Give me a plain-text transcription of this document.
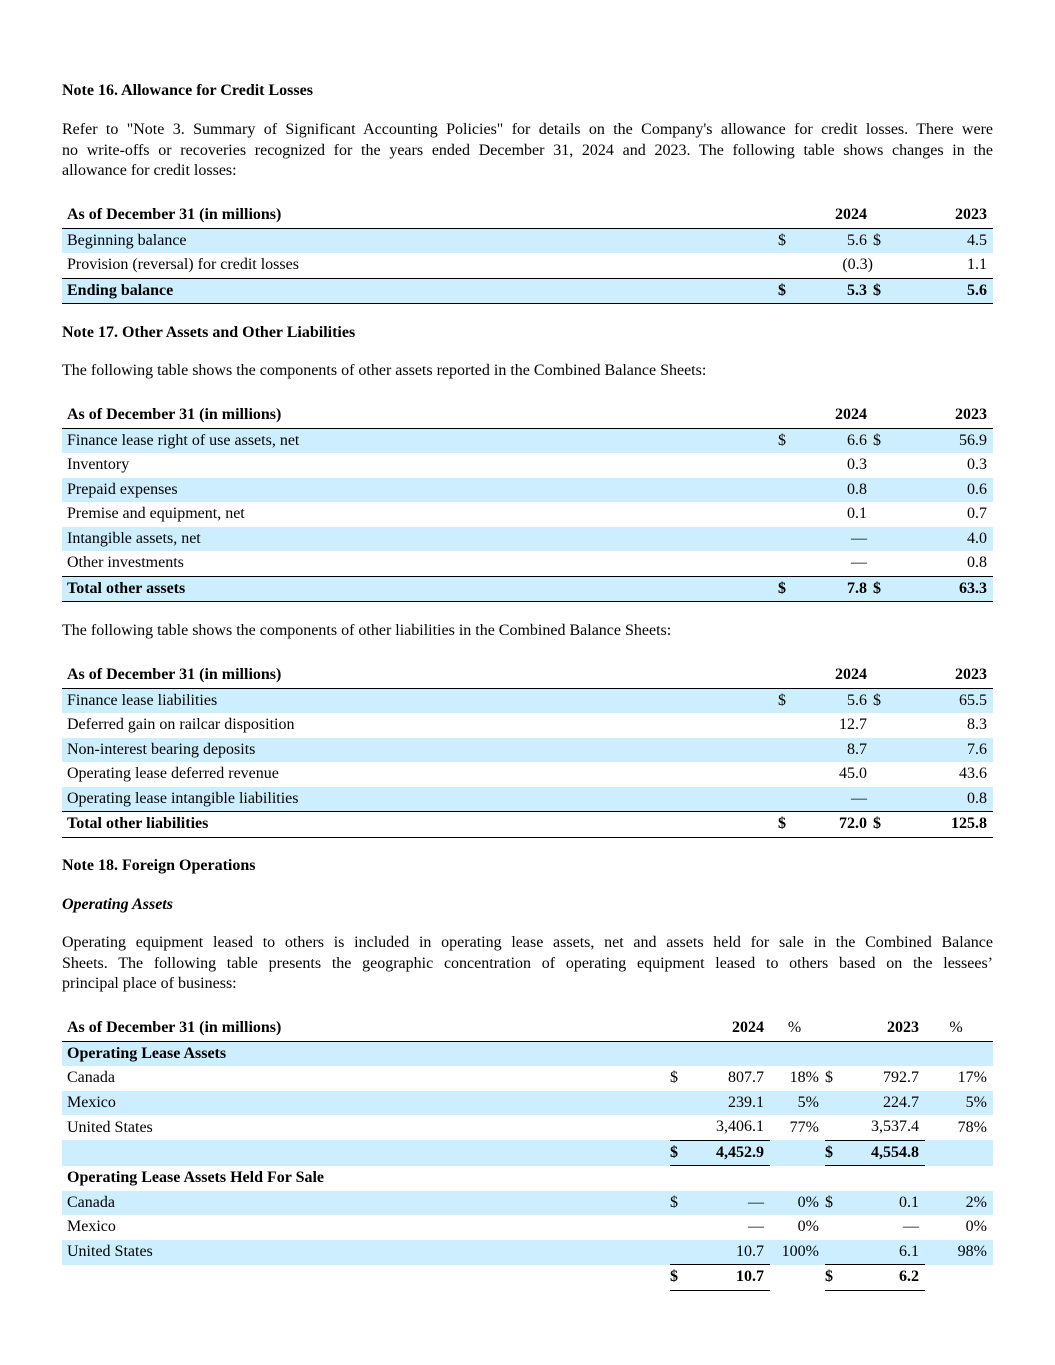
Note 16. Allowance for Credit Losses
Refer to "Note 3. Summary of Significant Accounting Policies" for details on the Company's allowance for credit losses. There were
no write-offs or recoveries recognized for the years ended December 31, 2024 and 2023. The following table shows changes in the
allowance for credit losses:
As of December 31 (in millions)		2024		2023
Beginning balance	$	5.6	$	4.5
Provision (reversal) for credit losses		(0.3)		1.1
Ending balance	$	5.3	$	5.6
Note 17. Other Assets and Other Liabilities
The following table shows the components of other assets reported in the Combined Balance Sheets:
As of December 31 (in millions)		2024		2023
Finance lease right of use assets, net	$	6.6	$	56.9
Inventory		0.3		0.3
Prepaid expenses		0.8		0.6
Premise and equipment, net		0.1		0.7
Intangible assets, net		—		4.0
Other investments		—		0.8
Total other assets	$	7.8	$	63.3
The following table shows the components of other liabilities in the Combined Balance Sheets:
As of December 31 (in millions)		2024		2023
Finance lease liabilities	$	5.6	$	65.5
Deferred gain on railcar disposition		12.7		8.3
Non-interest bearing deposits		8.7		7.6
Operating lease deferred revenue		45.0		43.6
Operating lease intangible liabilities		—		0.8
Total other liabilities	$	72.0	$	125.8
Note 18. Foreign Operations
Operating Assets
Operating equipment leased to others is included in operating lease assets, net and assets held for sale in the Combined Balance
Sheets. The following table presents the geographic concentration of operating equipment leased to others based on the lessees’
principal place of business:
As of December 31 (in millions)		2024	%		2023	%
Operating Lease Assets						
Canada	$	807.7	18%	$	792.7	17%
Mexico		239.1	5%		224.7	5%
United States		3,406.1	77%		3,537.4	78%
	$	4,452.9		$	4,554.8	
Operating Lease Assets Held For Sale						
Canada	$	—	0%	$	0.1	2%
Mexico		—	0%		—	0%
United States		10.7	100%		6.1	98%
	$	10.7		$	6.2	
